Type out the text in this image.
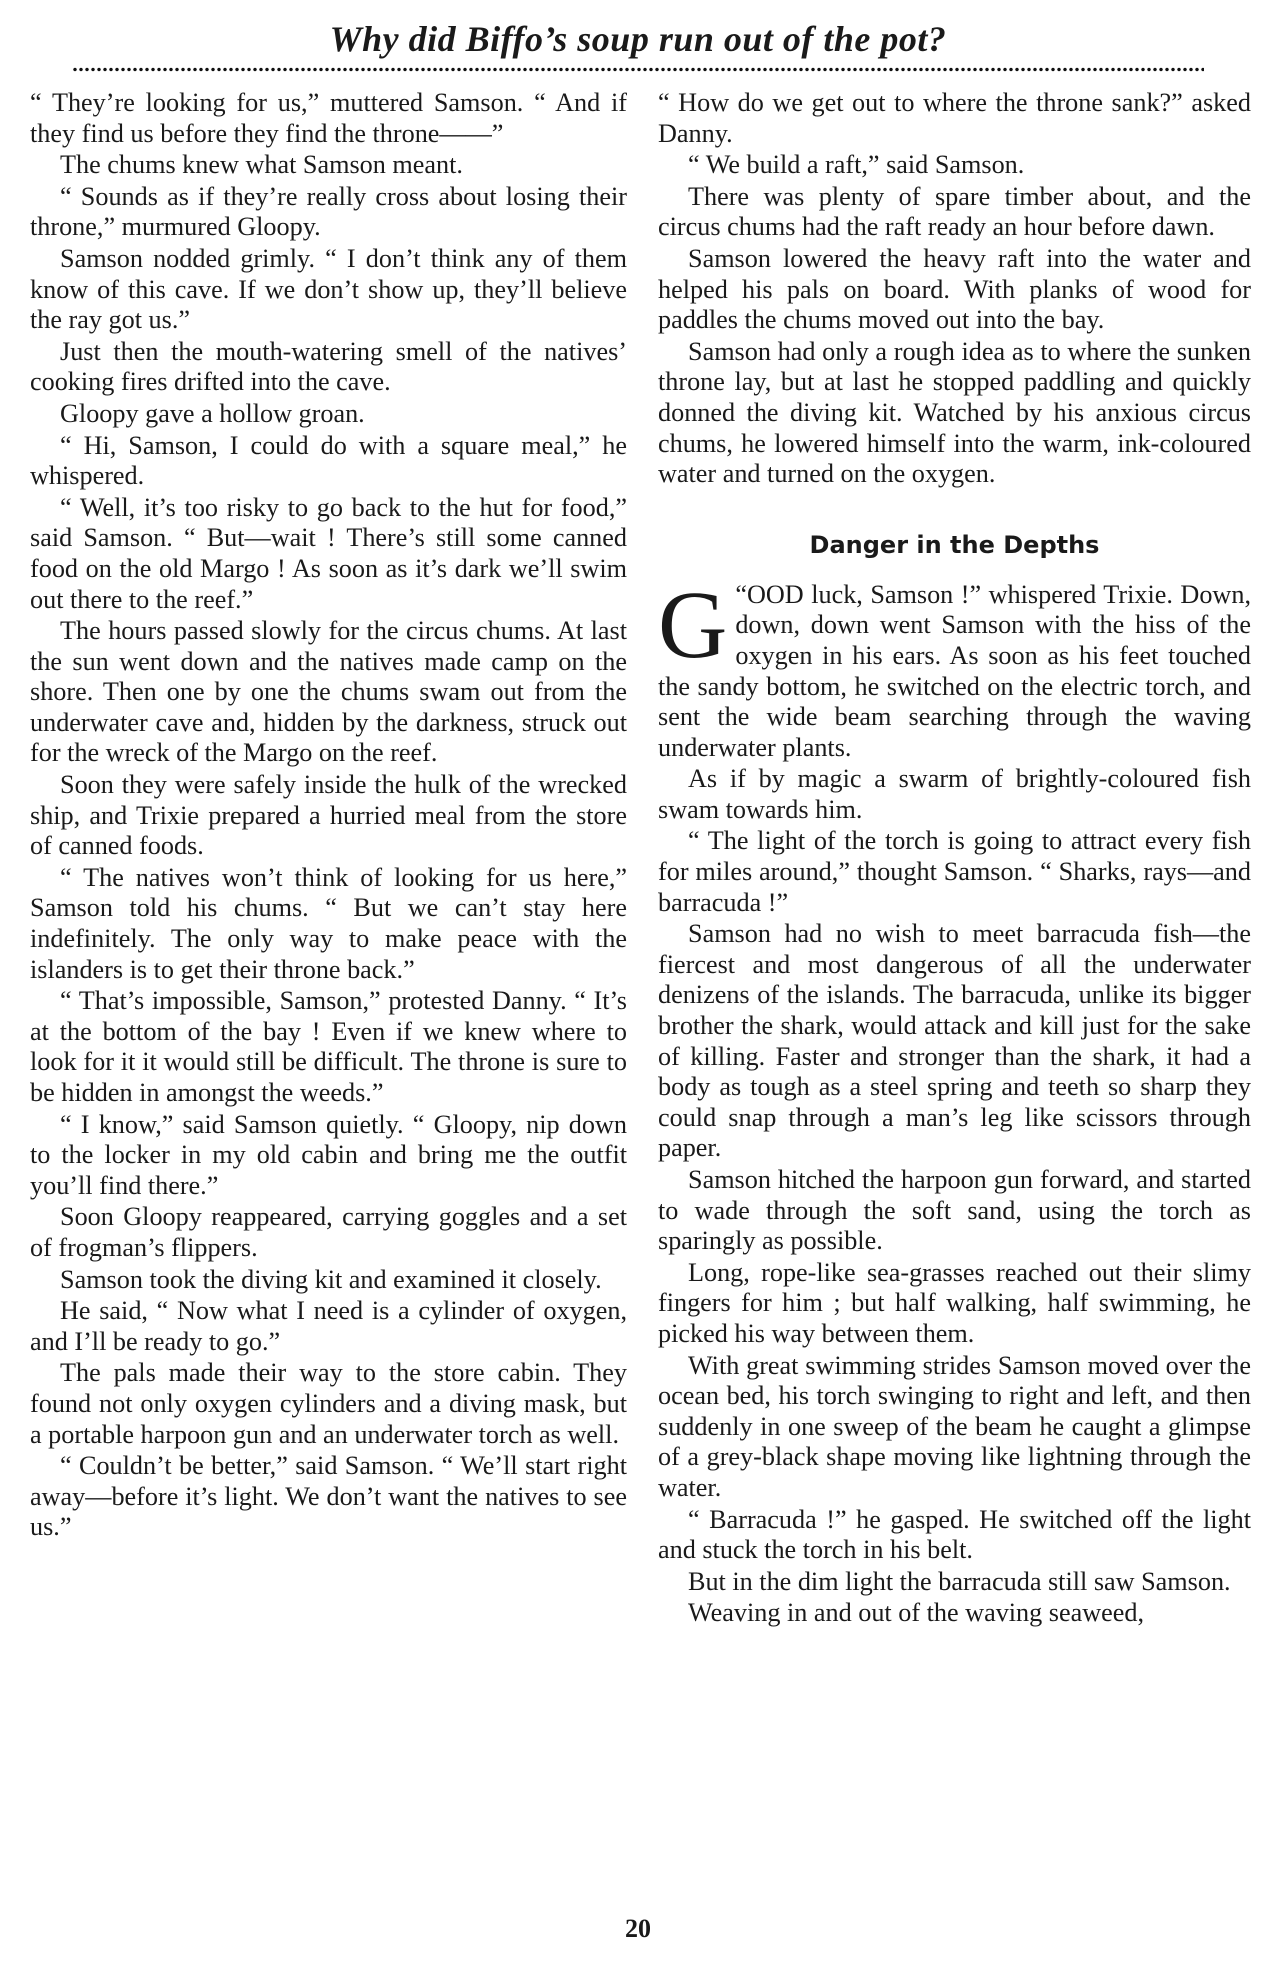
Why did Biffo’s soup run out of the pot?

“ They’re looking for us,” muttered Samson. “ And if they find us before they find the throne——”

The chums knew what Samson meant.

“ Sounds as if they’re really cross about losing their throne,” murmured Gloopy.

Samson nodded grimly. “ I don’t think any of them know of this cave. If we don’t show up, they’ll believe the ray got us.”

Just then the mouth-watering smell of the natives’ cooking fires drifted into the cave.

Gloopy gave a hollow groan.

“ Hi, Samson, I could do with a square meal,” he whispered.

“ Well, it’s too risky to go back to the hut for food,” said Samson. “ But—wait ! There’s still some canned food on the old Margo ! As soon as it’s dark we’ll swim out there to the reef.”

The hours passed slowly for the circus chums. At last the sun went down and the natives made camp on the shore. Then one by one the chums swam out from the underwater cave and, hidden by the darkness, struck out for the wreck of the Margo on the reef.

Soon they were safely inside the hulk of the wrecked ship, and Trixie prepared a hurried meal from the store of canned foods.

“ The natives won’t think of looking for us here,” Samson told his chums. “ But we can’t stay here indefinitely. The only way to make peace with the islanders is to get their throne back.”

“ That’s impossible, Samson,” protested Danny. “ It’s at the bottom of the bay ! Even if we knew where to look for it it would still be difficult. The throne is sure to be hidden in amongst the weeds.”

“ I know,” said Samson quietly. “ Gloopy, nip down to the locker in my old cabin and bring me the outfit you’ll find there.”

Soon Gloopy reappeared, carrying goggles and a set of frogman’s flippers.

Samson took the diving kit and examined it closely.

He said, “ Now what I need is a cylinder of oxygen, and I’ll be ready to go.”

The pals made their way to the store cabin. They found not only oxygen cylinders and a diving mask, but a portable harpoon gun and an underwater torch as well.

“ Couldn’t be better,” said Samson. “ We’ll start right away—before it’s light. We don’t want the natives to see us.”

“ How do we get out to where the throne sank?” asked Danny.

“ We build a raft,” said Samson.

There was plenty of spare timber about, and the circus chums had the raft ready an hour before dawn.

Samson lowered the heavy raft into the water and helped his pals on board. With planks of wood for paddles the chums moved out into the bay.

Samson had only a rough idea as to where the sunken throne lay, but at last he stopped paddling and quickly donned the diving kit. Watched by his anxious circus chums, he lowered himself into the warm, ink-coloured water and turned on the oxygen.

Danger in the Depths

“
G OOD luck, Samson !” whispered Trixie. Down, down, down went Samson with the hiss of the oxygen in his ears. As soon as his feet touched the sandy bottom, he switched on the electric torch, and sent the wide beam searching through the waving underwater plants.

As if by magic a swarm of brightly-coloured fish swam towards him.

“ The light of the torch is going to attract every fish for miles around,” thought Samson. “ Sharks, rays—and barracuda !”

Samson had no wish to meet barracuda fish—the fiercest and most dangerous of all the underwater denizens of the islands. The barracuda, unlike its bigger brother the shark, would attack and kill just for the sake of killing. Faster and stronger than the shark, it had a body as tough as a steel spring and teeth so sharp they could snap through a man’s leg like scissors through paper.

Samson hitched the harpoon gun forward, and started to wade through the soft sand, using the torch as sparingly as possible.

Long, rope-like sea-grasses reached out their slimy fingers for him ; but half walking, half swimming, he picked his way between them.

With great swimming strides Samson moved over the ocean bed, his torch swinging to right and left, and then suddenly in one sweep of the beam he caught a glimpse of a grey-black shape moving like lightning through the water.

“ Barracuda !” he gasped. He switched off the light and stuck the torch in his belt.

But in the dim light the barracuda still saw Samson.

Weaving in and out of the waving seaweed,

20
